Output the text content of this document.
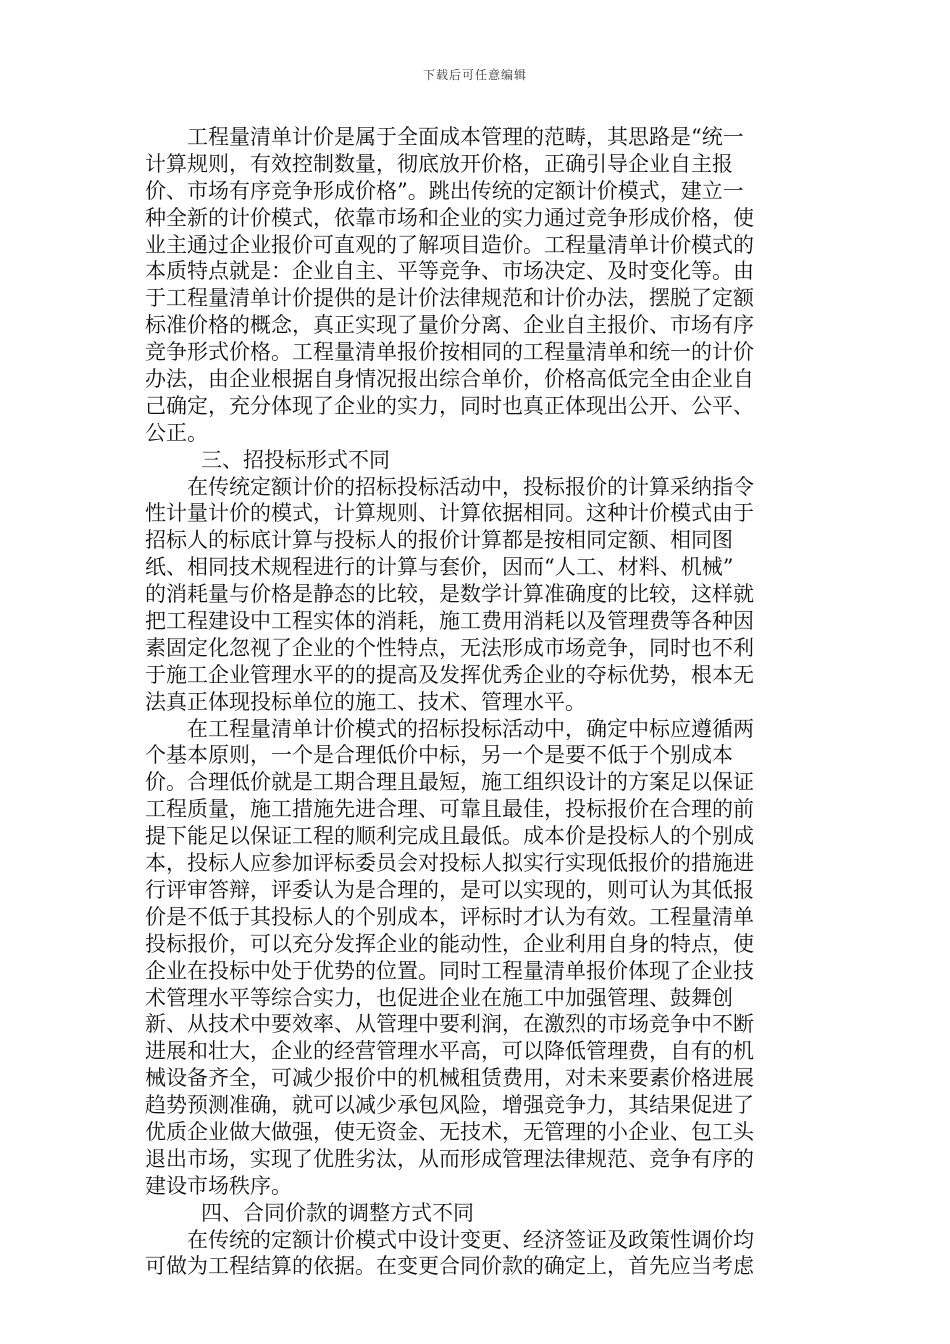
下载后可任意编辑
工程量清单计价是属于全面成本管理的范畴，其思路是“统一
计算规则，有效控制数量，彻底放开价格，正确引导企业自主报
价、市场有序竞争形成价格”。跳出传统的定额计价模式，建立一
种全新的计价模式，依靠市场和企业的实力通过竞争形成价格，使
业主通过企业报价可直观的了解项目造价。工程量清单计价模式的
本质特点就是：企业自主、平等竞争、市场决定、及时变化等。由
于工程量清单计价提供的是计价法律规范和计价办法，摆脱了定额
标准价格的概念，真正实现了量价分离、企业自主报价、市场有序
竞争形式价格。工程量清单报价按相同的工程量清单和统一的计价
办法，由企业根据自身情况报出综合单价，价格高低完全由企业自
己确定，充分体现了企业的实力，同时也真正体现出公开、公平、
公正。
三、招投标形式不同
在传统定额计价的招标投标活动中，投标报价的计算采纳指令
性计量计价的模式，计算规则、计算依据相同。这种计价模式由于
招标人的标底计算与投标人的报价计算都是按相同定额、相同图
纸、相同技术规程进行的计算与套价，因而“人工、材料、机械”
的消耗量与价格是静态的比较，是数学计算准确度的比较，这样就
把工程建设中工程实体的消耗，施工费用消耗以及管理费等各种因
素固定化忽视了企业的个性特点，无法形成市场竞争，同时也不利
于施工企业管理水平的的提高及发挥优秀企业的夺标优势，根本无
法真正体现投标单位的施工、技术、管理水平。
在工程量清单计价模式的招标投标活动中，确定中标应遵循两
个基本原则，一个是合理低价中标，另一个是要不低于个别成本
价。合理低价就是工期合理且最短，施工组织设计的方案足以保证
工程质量，施工措施先进合理、可靠且最佳，投标报价在合理的前
提下能足以保证工程的顺利完成且最低。成本价是投标人的个别成
本，投标人应参加评标委员会对投标人拟实行实现低报价的措施进
行评审答辩，评委认为是合理的，是可以实现的，则可认为其低报
价是不低于其投标人的个别成本，评标时才认为有效。工程量清单
投标报价，可以充分发挥企业的能动性，企业利用自身的特点，使
企业在投标中处于优势的位置。同时工程量清单报价体现了企业技
术管理水平等综合实力，也促进企业在施工中加强管理、鼓舞创
新、从技术中要效率、从管理中要利润，在激烈的市场竞争中不断
进展和壮大，企业的经营管理水平高，可以降低管理费，自有的机
械设备齐全，可减少报价中的机械租赁费用，对未来要素价格进展
趋势预测准确，就可以减少承包风险，增强竞争力，其结果促进了
优质企业做大做强，使无资金、无技术，无管理的小企业、包工头
退出市场，实现了优胜劣汰，从而形成管理法律规范、竞争有序的
建设市场秩序。
四、合同价款的调整方式不同
在传统的定额计价模式中设计变更、经济签证及政策性调价均
可做为工程结算的依据。在变更合同价款的确定上，首先应当考虑
